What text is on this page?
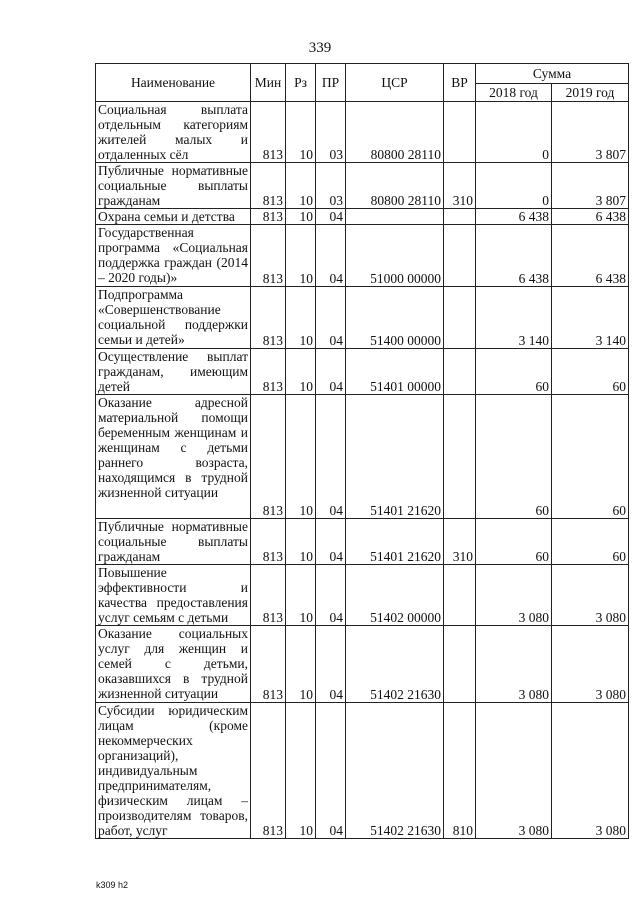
339
Наименование	Мин	Рз	ПР	ЦСР	ВР	Сумма	
						2018 год	2019 год
Социальная выплата отдельным категориям жителей малых и отдаленных сёл	813	10	03	80800 28110		0	3 807
Публичные нормативные социальные выплаты гражданам	813	10	03	80800 28110	310	0	3 807
Охрана семьи и детства	813	10	04			6 438	6 438
Государственная программа «Социальная поддержка граждан (2014 – 2020 годы)»	813	10	04	51000 00000		6 438	6 438
Подпрограмма «Совершенствование социальной поддержки семьи и детей»	813	10	04	51400 00000		3 140	3 140
Осуществление выплат гражданам, имеющим детей	813	10	04	51401 00000		60	60
Оказание адресной материальной помощи беременным женщинам и женщинам с детьми раннего возраста, находящимся в трудной жизненной ситуации	813	10	04	51401 21620		60	60
Публичные нормативные социальные выплаты гражданам	813	10	04	51401 21620	310	60	60
Повышение эффективности и качества предоставления услуг семьям с детьми	813	10	04	51402 00000		3 080	3 080
Оказание социальных услуг для женщин и семей с детьми, оказавшихся в трудной жизненной ситуации	813	10	04	51402 21630		3 080	3 080
Субсидии юридическим лицам (кроме некоммерческих организаций), индивидуальным предпринимателям, физическим лицам – производителям товаров, работ, услуг	813	10	04	51402 21630	810	3 080	3 080
k309 h2
